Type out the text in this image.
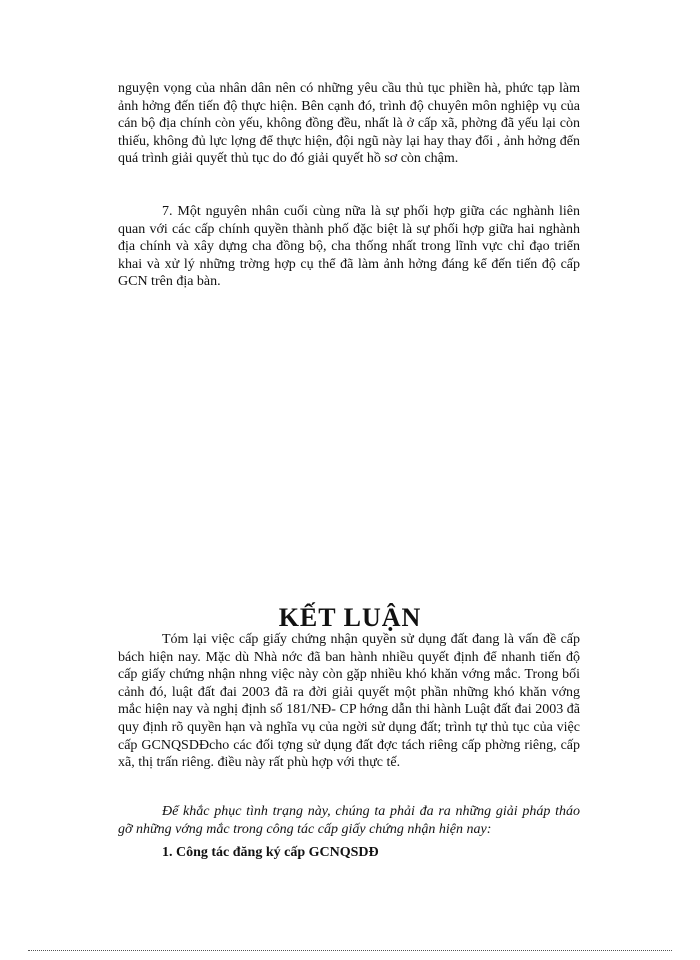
nguyện vọng của nhân dân nên có những yêu cầu thủ tục phiền hà, phức tạp làm ảnh hởng đến tiến độ thực hiện. Bên cạnh đó, trình độ chuyên môn nghiệp vụ của cán bộ địa chính còn yếu, không đồng đều, nhất là ở cấp xã, phờng đã yếu lại còn thiếu, không đủ lực lợng để thực hiện, đội ngũ này lại hay thay đổi , ảnh hởng đến quá trình giải quyết thủ tục do đó giải quyết hồ sơ còn chậm.

7. Một nguyên nhân cuối cùng nữa là sự phối hợp giữa các nghành liên quan với các cấp chính quyền thành phố đặc biệt là sự phối hợp giữa hai nghành địa chính và xây dựng cha đồng bộ, cha thống nhất trong lĩnh vực chỉ đạo triển khai và xử lý những trờng hợp cụ thể đã làm ảnh hởng đáng kể đến tiến độ cấp GCN trên địa bàn.

KẾT LUẬN

Tóm lại việc cấp giấy chứng nhận quyền sử dụng đất đang là vấn đề cấp bách hiện nay. Mặc dù Nhà nớc đã ban hành nhiều quyết định để nhanh tiến độ cấp giấy chứng nhận nhng việc này còn gặp nhiều khó khăn vớng mắc. Trong bối cảnh đó, luật đất đai 2003 đã ra đời giải quyết một phần những khó khăn vớng mắc hiện nay và nghị định số 181/NĐ- CP hớng dẫn thi hành Luật đất đai 2003 đã quy định rõ quyền hạn và nghĩa vụ của ngời sử dụng đất; trình tự thủ tục của việc cấp GCNQSDĐcho các đối tợng sử dụng đất đợc tách riêng cấp phờng riêng, cấp xã, thị trấn riêng. điều này rất phù hợp với thực tế.

Để khắc phục tình trạng này, chúng ta phải đa ra những giải pháp tháo gỡ những vớng mắc trong công tác cấp giấy chứng nhận hiện nay:

1. Công tác đăng ký cấp GCNQSDĐ
